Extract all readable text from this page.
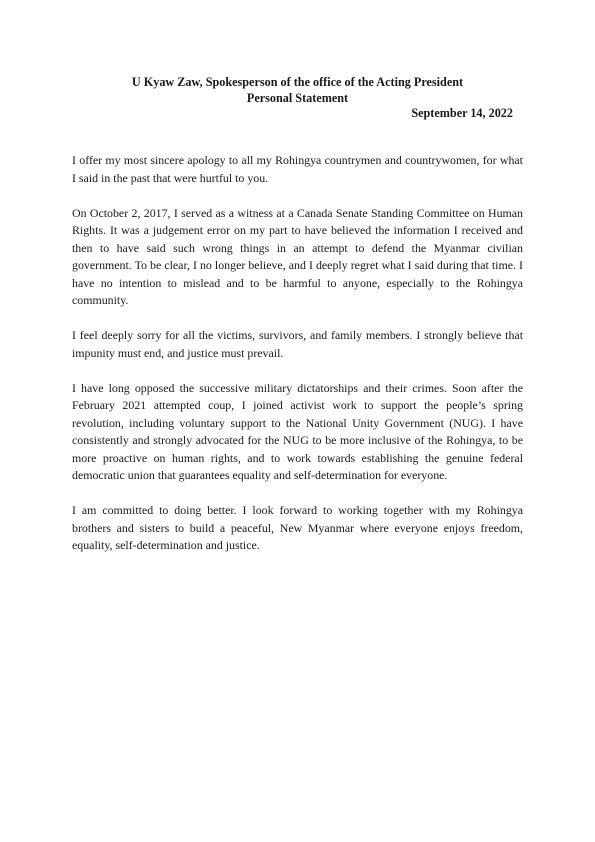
U Kyaw Zaw, Spokesperson of the office of the Acting President
Personal Statement
September 14, 2022

I offer my most sincere apology to all my Rohingya countrymen and countrywomen, for what I said in the past that were hurtful to you.

On October 2, 2017, I served as a witness at a Canada Senate Standing Committee on Human Rights. It was a judgement error on my part to have believed the information I received and then to have said such wrong things in an attempt to defend the Myanmar civilian government. To be clear, I no longer believe, and I deeply regret what I said during that time. I have no intention to mislead and to be harmful to anyone, especially to the Rohingya community.

I feel deeply sorry for all the victims, survivors, and family members. I strongly believe that impunity must end, and justice must prevail.

I have long opposed the successive military dictatorships and their crimes. Soon after the February 2021 attempted coup, I joined activist work to support the people’s spring revolution, including voluntary support to the National Unity Government (NUG). I have consistently and strongly advocated for the NUG to be more inclusive of the Rohingya, to be more proactive on human rights, and to work towards establishing the genuine federal democratic union that guarantees equality and self-determination for everyone.

I am committed to doing better. I look forward to working together with my Rohingya brothers and sisters to build a peaceful, New Myanmar where everyone enjoys freedom, equality, self-determination and justice.
